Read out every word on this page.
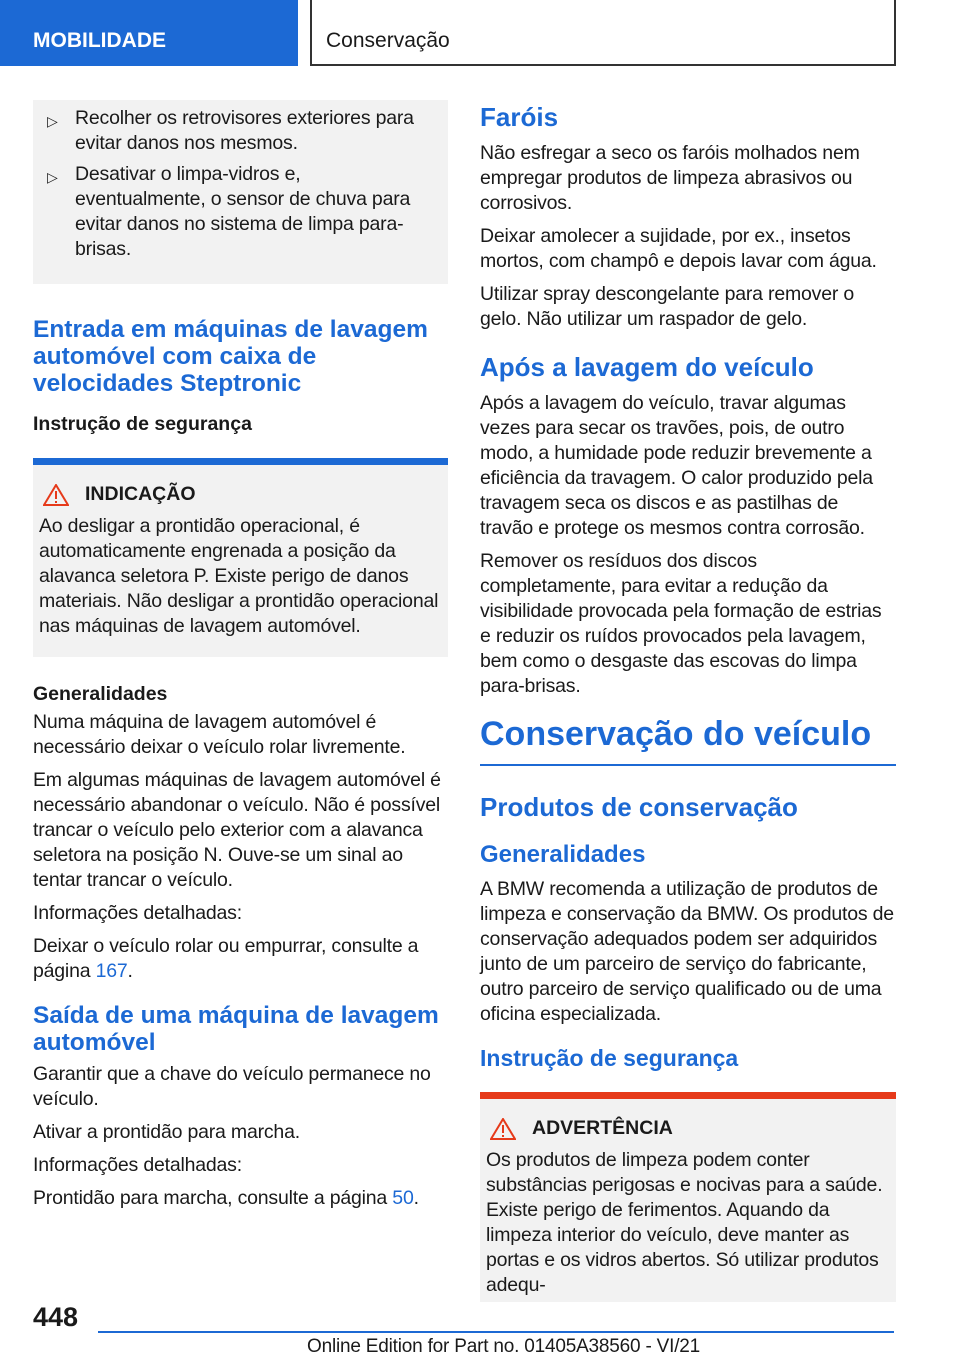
MOBILIDADE	Conservação
▷ Recolher os retrovisores exteriores para evitar danos nos mesmos.
▷ Desativar o limpa-vidros e, eventualmente, o sensor de chuva para evitar danos no sistema de limpa para-brisas.
Entrada em máquinas de lavagem automóvel com caixa de velocidades Steptronic
Instrução de segurança
INDICAÇÃO

Ao desligar a prontidão operacional, é automaticamente engrenada a posição da alavanca seletora P. Existe perigo de danos materiais. Não desligar a prontidão operacional nas máquinas de lavagem automóvel.

Generalidades

Numa máquina de lavagem automóvel é necessário deixar o veículo rolar livremente.

Em algumas máquinas de lavagem automóvel é necessário abandonar o veículo. Não é possível trancar o veículo pelo exterior com a alavanca seletora na posição N. Ouve-se um sinal ao tentar trancar o veículo.

Informações detalhadas:

Deixar o veículo rolar ou empurrar, consulte a página 167.

Saída de uma máquina de lavagem automóvel

Garantir que a chave do veículo permanece no veículo.

Ativar a prontidão para marcha.

Informações detalhadas:

Prontidão para marcha, consulte a página 50.

Faróis

Não esfregar a seco os faróis molhados nem empregar produtos de limpeza abrasivos ou corrosivos.

Deixar amolecer a sujidade, por ex., insetos mortos, com champô e depois lavar com água.

Utilizar spray descongelante para remover o gelo. Não utilizar um raspador de gelo.

Após a lavagem do veículo

Após a lavagem do veículo, travar algumas vezes para secar os travões, pois, de outro modo, a humidade pode reduzir brevemente a eficiência da travagem. O calor produzido pela travagem seca os discos e as pastilhas de travão e protege os mesmos contra corrosão.

Remover os resíduos dos discos completamente, para evitar a redução da visibilidade provocada pela formação de estrias e reduzir os ruídos provocados pela lavagem, bem como o desgaste das escovas do limpa para-brisas.

Conservação do veículo
Produtos de conservação
Generalidades

A BMW recomenda a utilização de produtos de limpeza e conservação da BMW. Os produtos de conservação adequados podem ser adquiridos junto de um parceiro de serviço do fabricante, outro parceiro de serviço qualificado ou de uma oficina especializada.

Instrução de segurança
ADVERTÊNCIA

Os produtos de limpeza podem conter substâncias perigosas e nocivas para a saúde. Existe perigo de ferimentos. Aquando da limpeza interior do veículo, deve manter as portas e os vidros abertos. Só utilizar produtos adequ-

448
Online Edition for Part no. 01405A38560 - VI/21
